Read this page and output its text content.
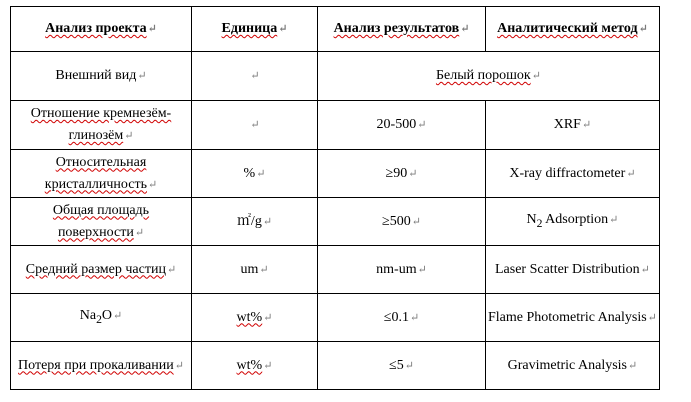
Анализ проекта↵	Единица↵	Анализ результатов↵	Аналитический метод↵
Внешний вид↵	↵	Белый порошок↵	
Отношение кремнезём-
глинозём↵	↵	20-500↵	XRF↵
Относительная
кристалличность↵	%↵	≥90↵	X-ray diffractometer↵
Общая площадь
поверхности↵	㎡/g↵	≥500↵	$N_2$ Adsorption↵
Средний размер частиц↵	um↵	nm-um↵	Laser Scatter Distribution↵
$Na_2O↵$	wt%↵	≤0.1↵	Flame Photometric Analysis↵
Потеря при прокаливании↵	wt%↵	≤5↵	Gravimetric Analysis↵
